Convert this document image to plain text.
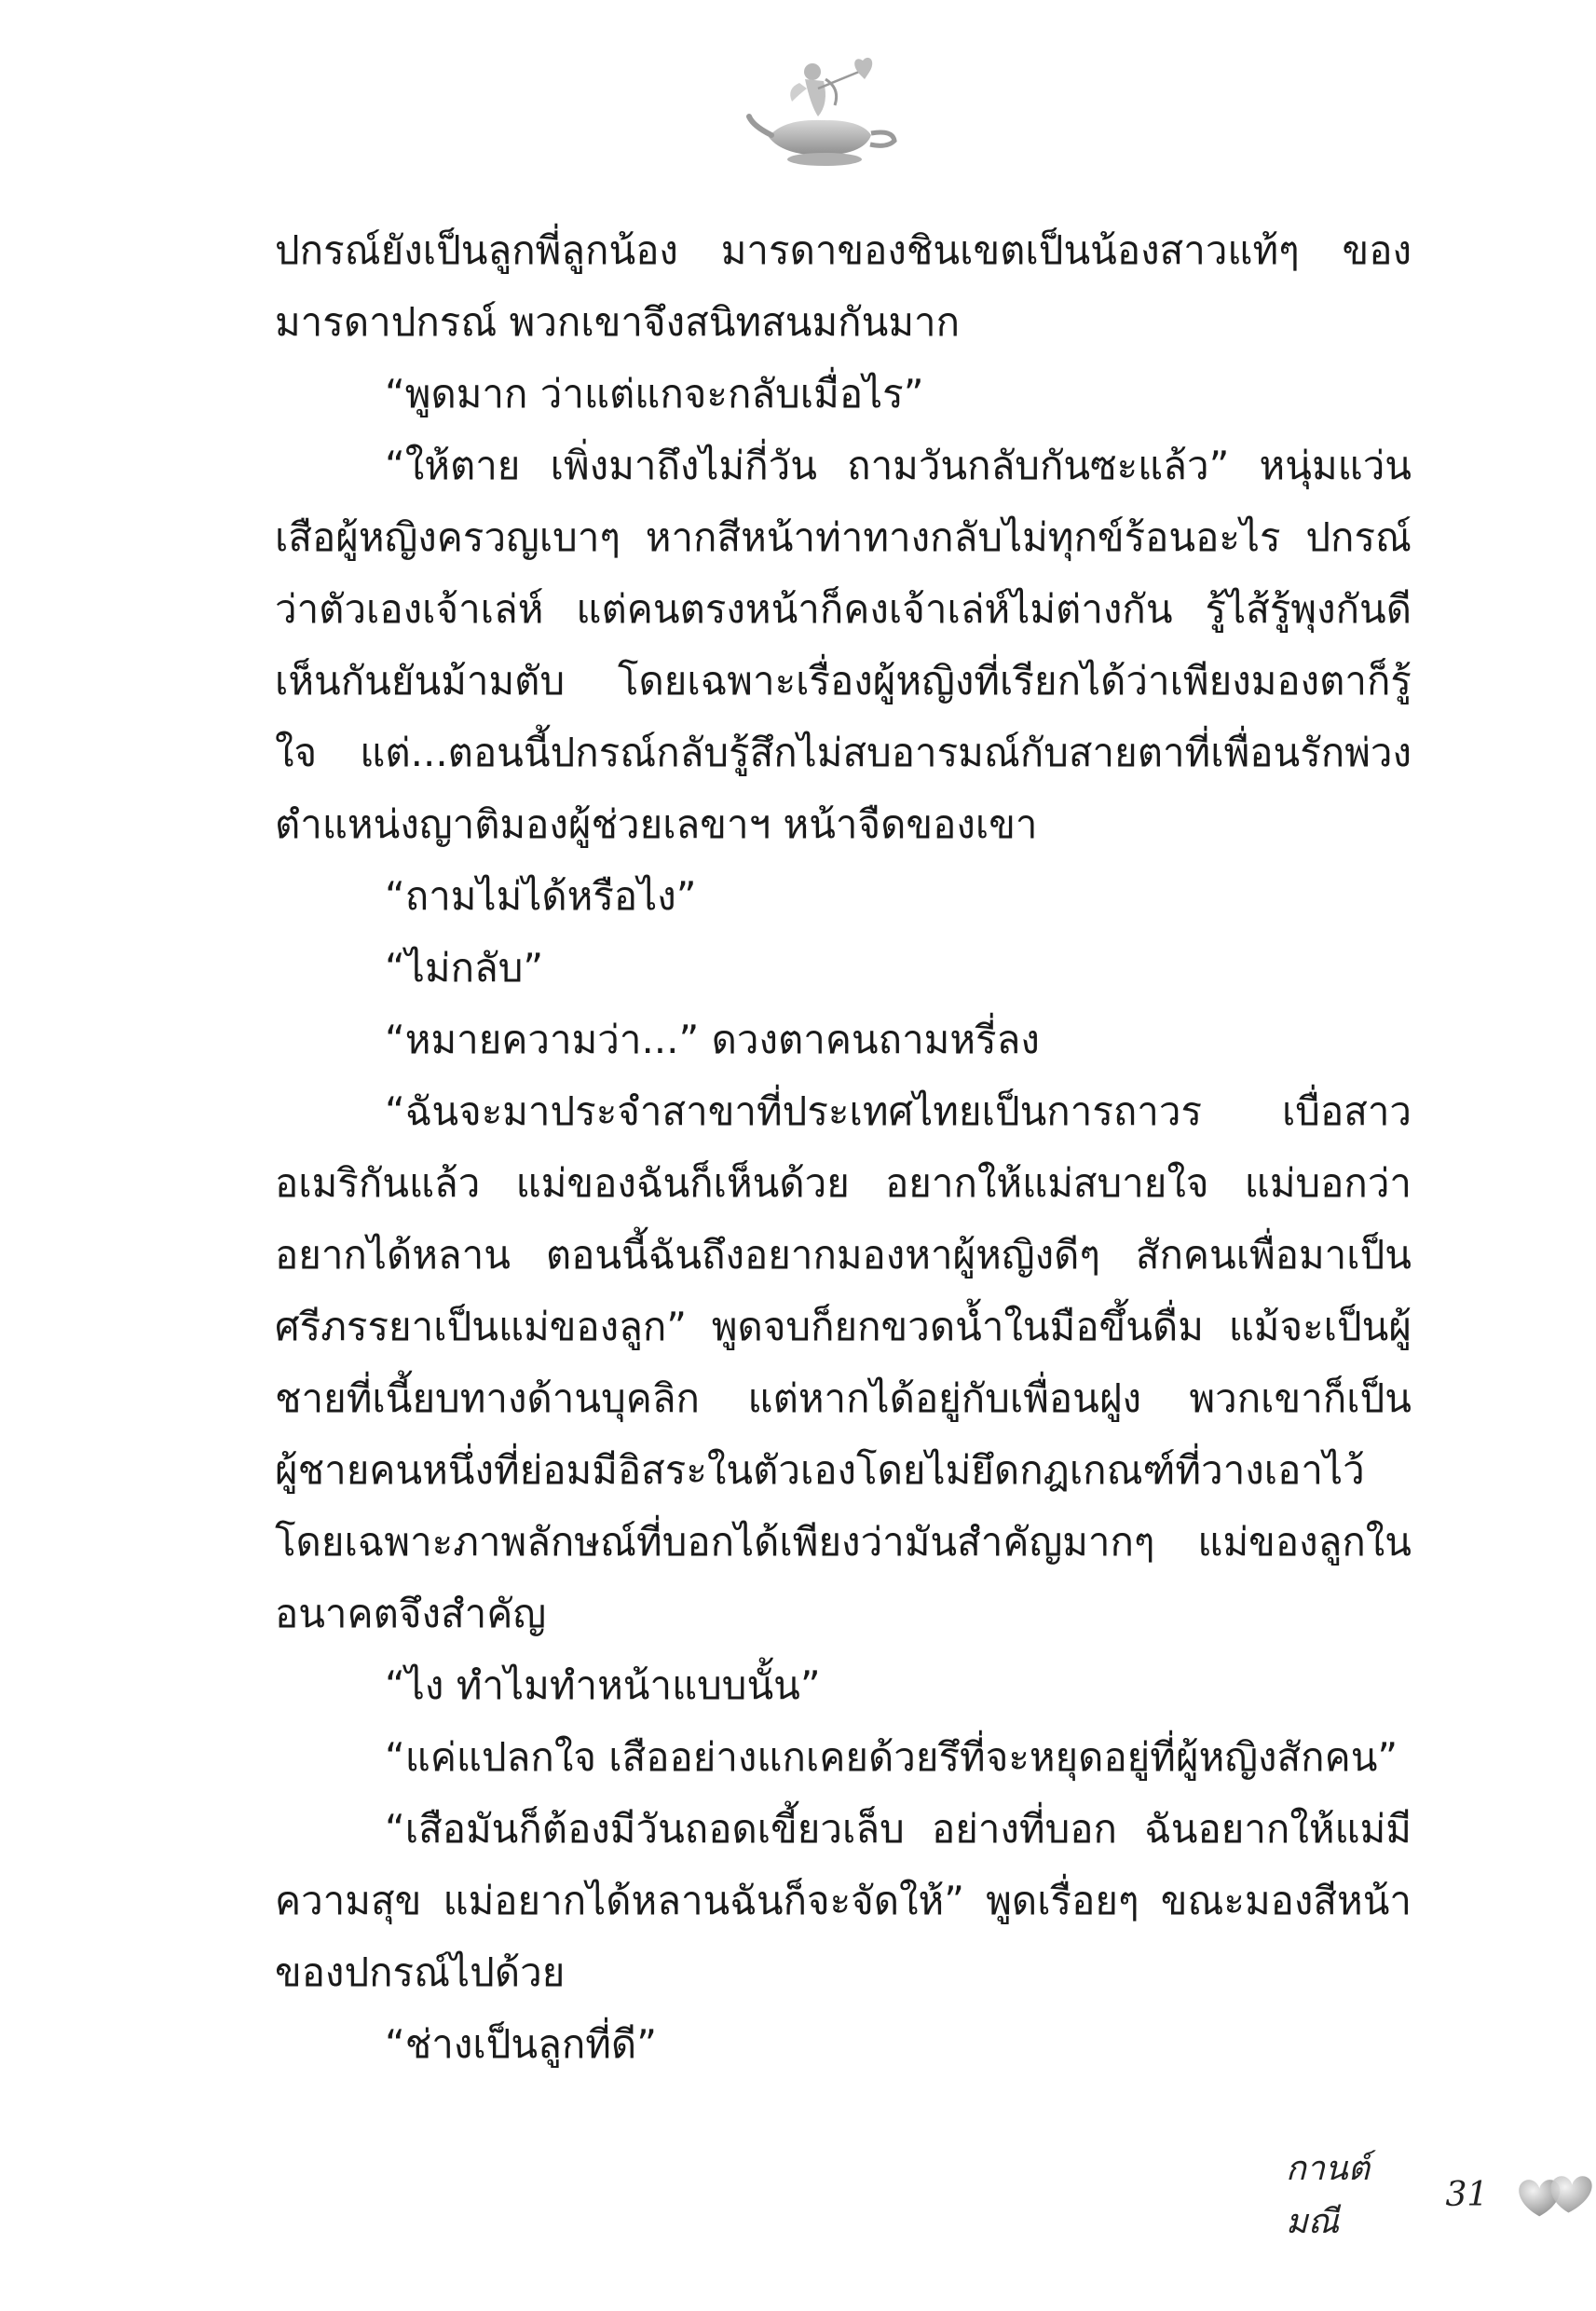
ปกรณ์ยังเป็นลูกพี่ลูกน้อง มารดาของชินเขตเป็นน้องสาวแท้ๆ ของมารดาปกรณ์ พวกเขาจึงสนิทสนมกันมาก

“พูดมาก ว่าแต่แกจะกลับเมื่อไร”

“ให้ตาย เพิ่งมาถึงไม่กี่วัน ถามวันกลับกันซะแล้ว” หนุ่มแว่นเสือผู้หญิงครวญเบาๆ หากสีหน้าท่าทางกลับไม่ทุกข์ร้อนอะไร ปกรณ์ว่าตัวเองเจ้าเล่ห์ แต่คนตรงหน้าก็คงเจ้าเล่ห์ไม่ต่างกัน รู้ไส้รู้พุงกันดีเห็นกันยันม้ามตับ โดยเฉพาะเรื่องผู้หญิงที่เรียกได้ว่าเพียงมองตาก็รู้ใจ แต่...ตอนนี้ปกรณ์กลับรู้สึกไม่สบอารมณ์กับสายตาที่เพื่อนรักพ่วงตำแหน่งญาติมองผู้ช่วยเลขาฯ หน้าจืดของเขา

“ถามไม่ได้หรือไง”

“ไม่กลับ”

“หมายความว่า...” ดวงตาคนถามหรี่ลง

“ฉันจะมาประจำสาขาที่ประเทศไทยเป็นการถาวร เบื่อสาวอเมริกันแล้ว แม่ของฉันก็เห็นด้วย อยากให้แม่สบายใจ แม่บอกว่าอยากได้หลาน ตอนนี้ฉันถึงอยากมองหาผู้หญิงดีๆ สักคนเพื่อมาเป็นศรีภรรยาเป็นแม่ของลูก” พูดจบก็ยกขวดน้ำในมือขึ้นดื่ม แม้จะเป็นผู้ชายที่เนี้ยบทางด้านบุคลิก แต่หากได้อยู่กับเพื่อนฝูง พวกเขาก็เป็นผู้ชายคนหนึ่งที่ย่อมมีอิสระในตัวเองโดยไม่ยึดกฎเกณฑ์ที่วางเอาไว้ โดยเฉพาะภาพลักษณ์ที่บอกได้เพียงว่ามันสำคัญมากๆ แม่ของลูกในอนาคตจึงสำคัญ

“ไง ทำไมทำหน้าแบบนั้น”

“แค่แปลกใจ เสืออย่างแกเคยด้วยรึที่จะหยุดอยู่ที่ผู้หญิงสักคน”

“เสือมันก็ต้องมีวันถอดเขี้ยวเล็บ อย่างที่บอก ฉันอยากให้แม่มีความสุข แม่อยากได้หลานฉันก็จะจัดให้” พูดเรื่อยๆ ขณะมองสีหน้าของปกรณ์ไปด้วย

“ช่างเป็นลูกที่ดี”

กานต์มณี
31
